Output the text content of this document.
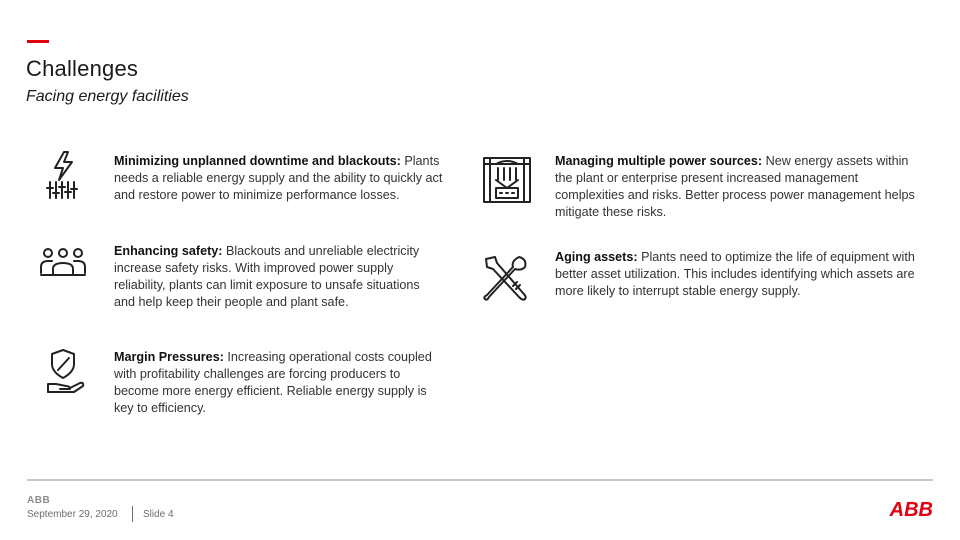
Challenges
Facing energy facilities
Minimizing unplanned downtime and blackouts: Plants needs a reliable energy supply and the ability to quickly act and restore power to minimize performance losses.
Enhancing safety: Blackouts and unreliable electricity increase safety risks. With improved power supply reliability, plants can limit exposure to unsafe situations and help keep their people and plant safe.
Margin Pressures: Increasing operational costs coupled with profitability challenges are forcing producers to become more energy efficient. Reliable energy supply is key to efficiency.
Managing multiple power sources: New energy assets within the plant or enterprise present increased management complexities and risks. Better process power management helps mitigate these risks.
Aging assets: Plants need to optimize the life of equipment with better asset utilization. This includes identifying which assets are more likely to interrupt stable energy supply.
ABB
September 29, 2020	Slide 4	ABB
